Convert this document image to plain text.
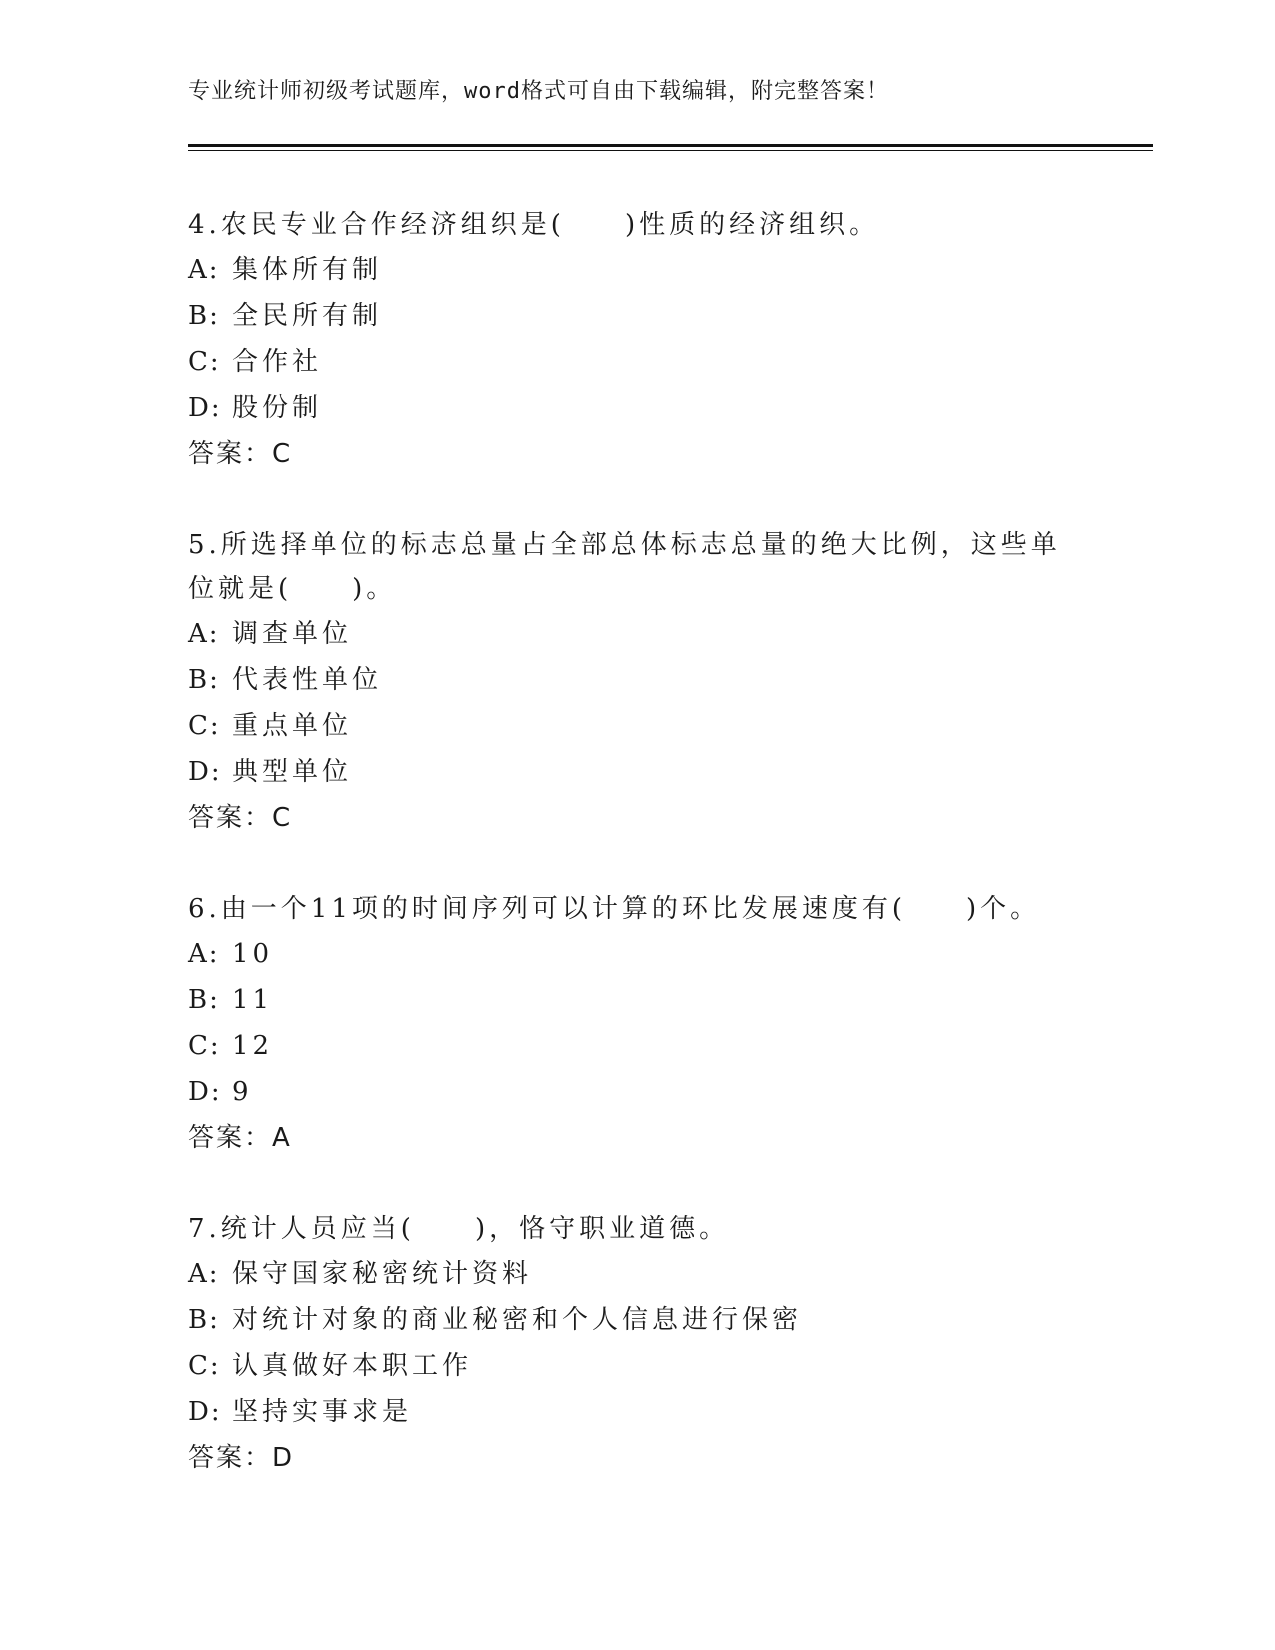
专业统计师初级考试题库，word格式可自由下载编辑，附完整答案！

4.农民专业合作经济组织是(　　)性质的经济组织。

A: 集体所有制

B: 全民所有制

C: 合作社

D: 股份制

答案：C

5.所选择单位的标志总量占全部总体标志总量的绝大比例，这些单位就是(　　)。

A: 调查单位

B: 代表性单位

C: 重点单位

D: 典型单位

答案：C

6.由一个11项的时间序列可以计算的环比发展速度有(　　)个。

A: 10

B: 11

C: 12

D: 9

答案：A

7.统计人员应当(　　)，恪守职业道德。

A: 保守国家秘密统计资料

B: 对统计对象的商业秘密和个人信息进行保密

C: 认真做好本职工作

D: 坚持实事求是

答案：D
